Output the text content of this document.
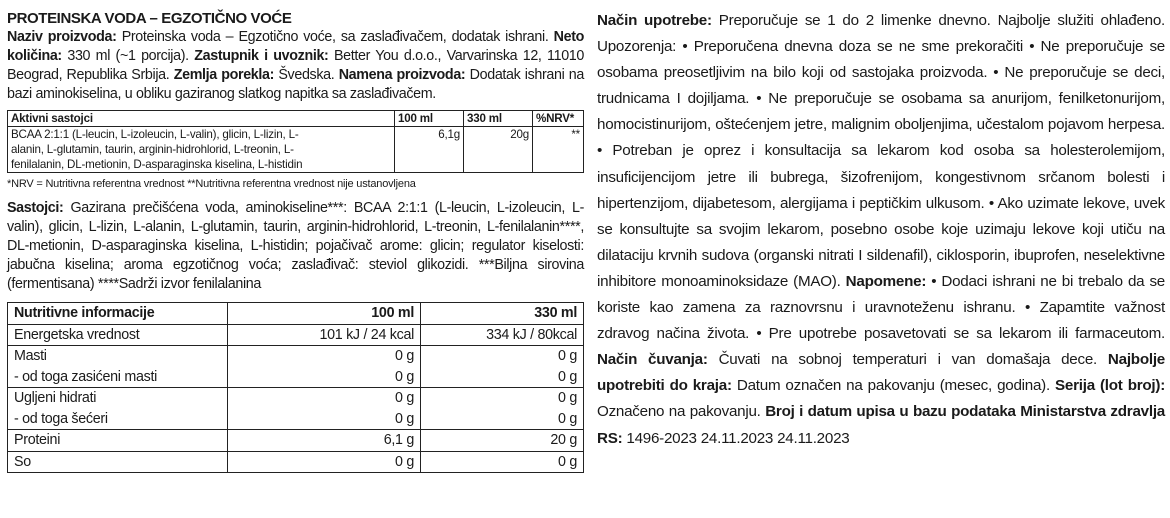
PROTEINSKA VODA – EGZOTIČNO VOĆE
Naziv proizvoda: Proteinska voda – Egzotično voće, sa zaslađivačem, dodatak ishrani. Neto količina: 330 ml (~1 porcija). Zastupnik i uvoznik: Better You d.o.o., Varvarinska 12, 11010 Beograd, Republika Srbija. Zemlja porekla: Švedska. Namena proizvoda: Dodatak ishrani na bazi aminokiselina, u obliku gaziranog slatkog napitka sa zaslađivačem.
Aktivni sastojci	100 ml	330 ml	%NRV*
BCAA 2:1:1 (L-leucin, L-izoleucin, L-valin), glicin, L-lizin, L-alanin, L-glutamin, taurin, arginin-hidrohlorid, L-treonin, L-fenilalanin, DL-metionin, D-asparaginska kiselina, L-histidin	6,1g	20g	**
*NRV = Nutritivna referentna vrednost **Nutritivna referentna vrednost nije ustanovljena
Sastojci: Gazirana prečišćena voda, aminokiseline***: BCAA 2:1:1 (L-leucin, L-izoleucin, L-valin), glicin, L-lizin, L-alanin, L-glutamin, taurin, arginin-hidrohlorid, L-treonin, L-fenilalanin****, DL-metionin, D-asparaginska kiselina, L-histidin; pojačivač arome: glicin; regulator kiselosti: jabučna kiselina; aroma egzotičnog voća; zaslađivač: steviol glikozidi. ***Biljna sirovina (fermentisana) ****Sadrži izvor fenilalanina
Nutritivne informacije	100 ml	330 ml
Energetska vrednost	101 kJ / 24 kcal	334 kJ / 80kcal
Masti	0 g	0 g
- od toga zasićeni masti	0 g	0 g
Ugljeni hidrati	0 g	0 g
- od toga šećeri	0 g	0 g
Proteini	6,1 g	20 g
So	0 g	0 g
Način upotrebe: Preporučuje se 1 do 2 limenke dnevno. Najbolje služiti ohlađeno. Upozorenja: • Preporučena dnevna doza se ne sme prekoračiti • Ne preporučuje se osobama preosetljivim na bilo koji od sastojaka proizvoda. • Ne preporučuje se deci, trudnicama I dojiljama. • Ne preporučuje se osobama sa anurijom, fenilketonurijom, homocistinurijom, oštećenjem jetre, malignim oboljenjima, učestalom pojavom herpesa. • Potreban je oprez i konsultacija sa lekarom kod osoba sa holesterolemijom, insuficijencijom jetre ili bubrega, šizofrenijom, kongestivnom srčanom bolesti i hipertenzijom, dijabetesom, alergijama i peptičkim ulkusom. • Ako uzimate lekove, uvek se konsultujte sa svojim lekarom, posebno osobe koje uzimaju lekove koji utiču na dilataciju krvnih sudova (organski nitrati I sildenafil), ciklosporin, ibuprofen, neselektivne inhibitore monoaminoksidaze (MAO). Napomene: • Dodaci ishrani ne bi trebalo da se koriste kao zamena za raznovrsnu i uravnoteženu ishranu. • Zapamtite važnost zdravog načina života. • Pre upotrebe posavetovati se sa lekarom ili farmaceutom. Način čuvanja: Čuvati na sobnoj temperaturi i van domašaja dece. Najbolje upotrebiti do kraja: Datum označen na pakovanju (mesec, godina). Serija (lot broj): Označeno na pakovanju. Broj i datum upisa u bazu podataka Ministarstva zdravlja RS: 1496-2023 24.11.2023 24.11.2023
